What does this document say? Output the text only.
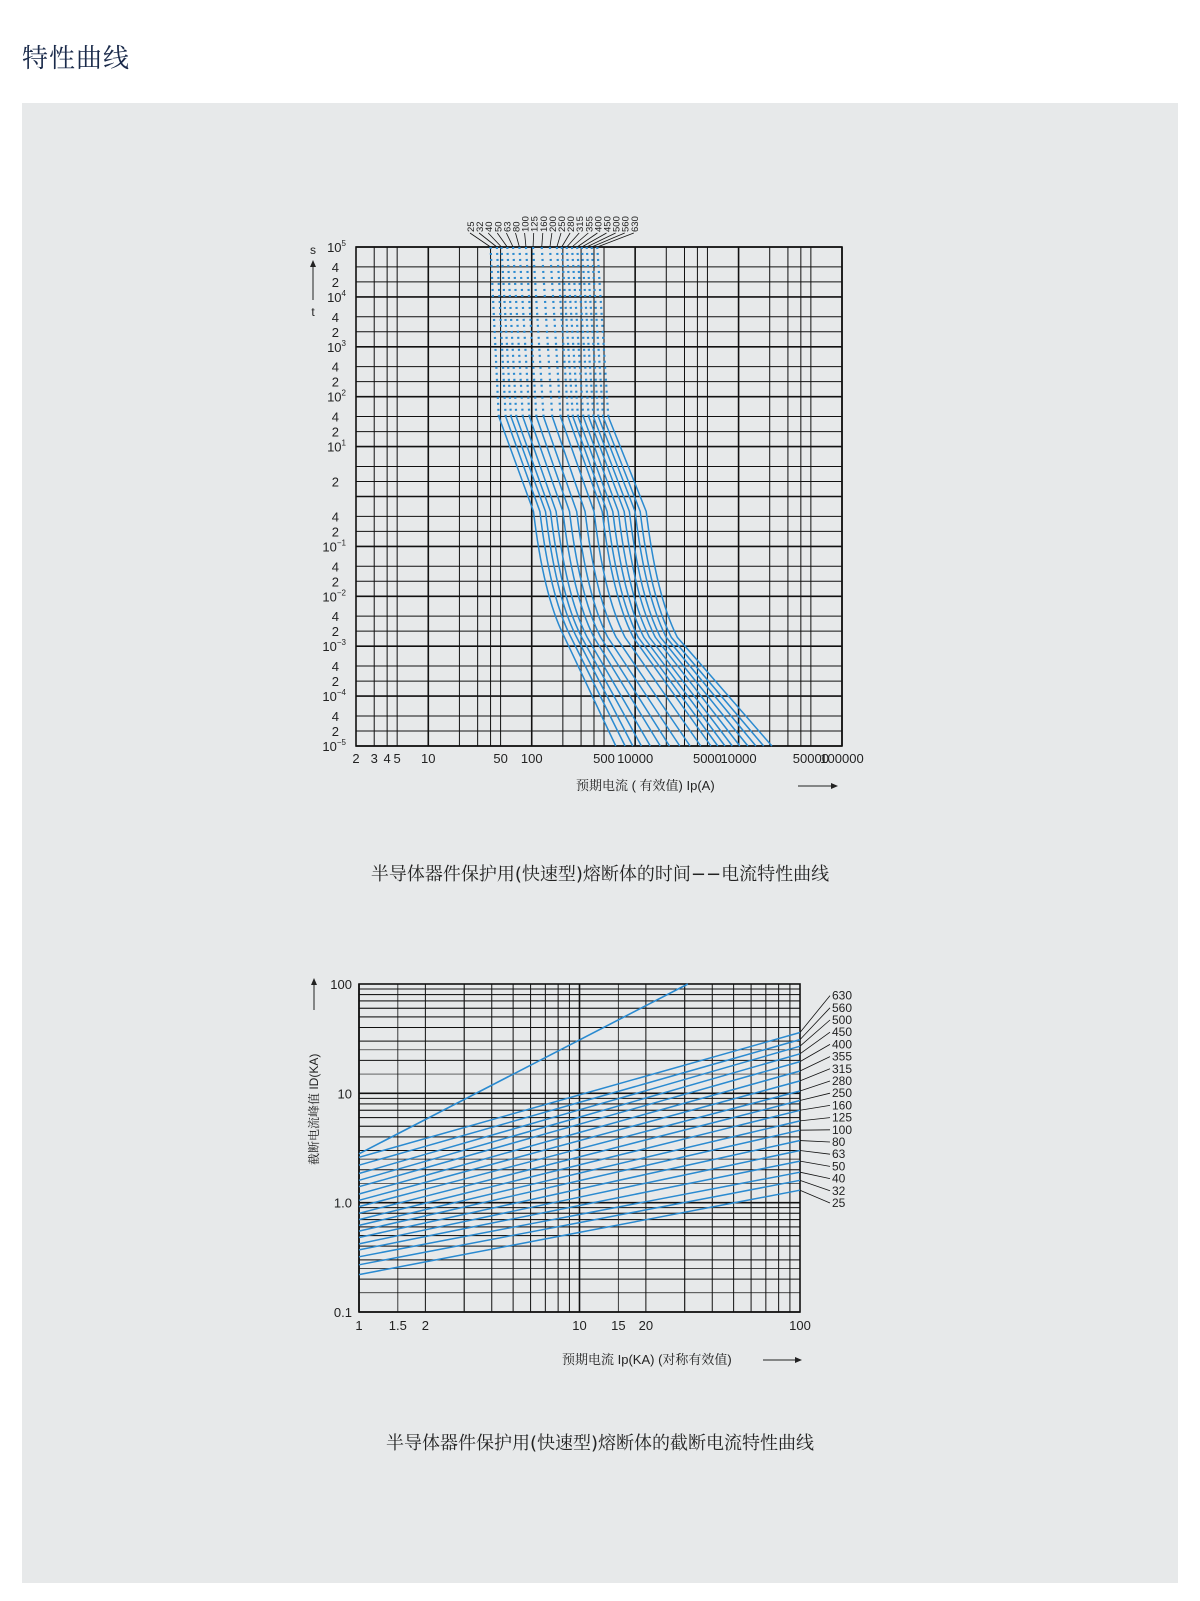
特性曲线
$10^5$
4
2
$10^4$
4
2
$10^3$
4
2
$10^2$
4
2
$10^1$
2
4
2
$10^{-1}$
4
2
$10^{-2}$
4
2
$10^{-3}$
4
2
$10^{-4}$
4
2
$10^{-5}$
2 3 4 5 10	50 100	500 10000	5000
10000	50000
100000
25
32
40
50
63
80
100
125
160
200
250
280
315
355
400
450
500
560
630
s
t
预期电流 ( 有效值) Ip(A)
半导体器件保护用(快速型)熔断体的时间−−电流特性曲线
100
10
1.0
0.1
1 1.5 2	10 15 20	100
25
32
40
50
63
80
100
125
160
250
280
315
355
400
450
500
560
630
截断电流峰值 ID(KA)
预期电流 Ip(KA) (对称有效值)
半导体器件保护用(快速型)熔断体的截断电流特性曲线
